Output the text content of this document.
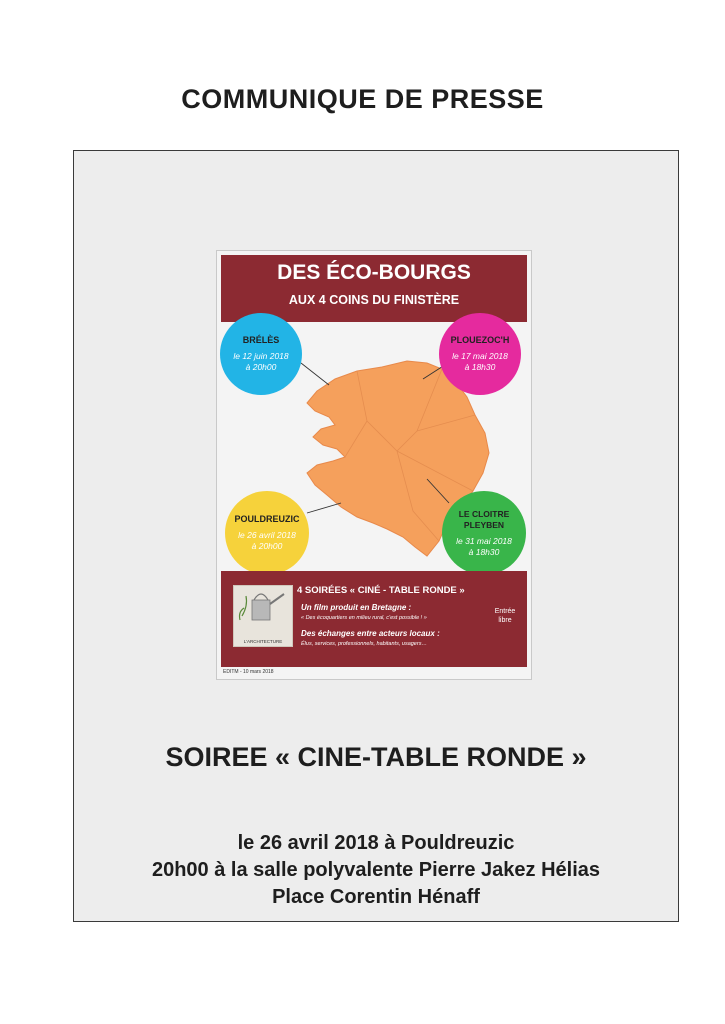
COMMUNIQUE DE PRESSE
DES ÉCO-BOURGS
AUX 4 COINS DU FINISTÈRE
BRÉLÈS
le 12 juin 2018
à 20h00
PLOUEZOC'H
le 17 mai 2018
à 18h30
POULDREUZIC
le 26 avril 2018
à 20h00
LE CLOITRE PLEYBEN
le 31 mai 2018
à 18h30
L'ARCHITECTURE
4 SOIRÉES « CINÉ - TABLE RONDE »
Un film produit en Bretagne :
« Des écoquartiers en milieu rural, c'est possible ! »
Des échanges entre acteurs locaux :
Élus, services, professionnels, habitants, usagers…
Entrée libre
EDITM - 10 mars 2018
SOIREE « CINE-TABLE RONDE »
le 26 avril 2018 à Pouldreuzic
20h00 à la salle polyvalente Pierre Jakez Hélias
Place Corentin Hénaff
